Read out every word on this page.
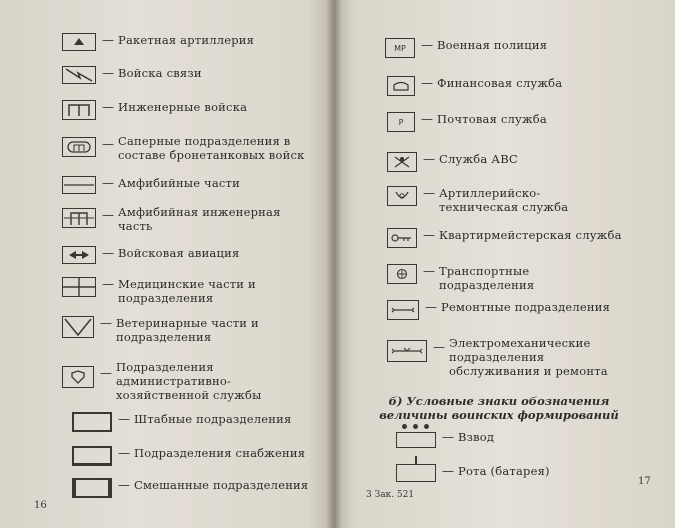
— Ракетная артиллерия
— Войска связи
— Инженерные войска
— Саперные подразделения в составе бронетанковых войск
— Амфибийные части
— Амфибийная инженерная часть
— Войсковая авиация
— Медицинские части и подразделения
— Ветеринарные части и подразделения
— Подразделения административно-хозяйственной службы
— Штабные подразделения
— Подразделения снабжения
— Смешанные подразделения
16
MP	— Военная полиция
— Финансовая служба
P	— Почтовая служба
— Служба АВС
— Артиллерийско-техническая служба
— Квартирмейстерская служба
— Транспортные подразделения
— Ремонтные подразделения
— Электромеханические подразделения обслуживания и ремонта
б) Условные знаки обозначения величины воинских формирований
— Взвод
— Рота (батарея)
3 Зак. 521
17
